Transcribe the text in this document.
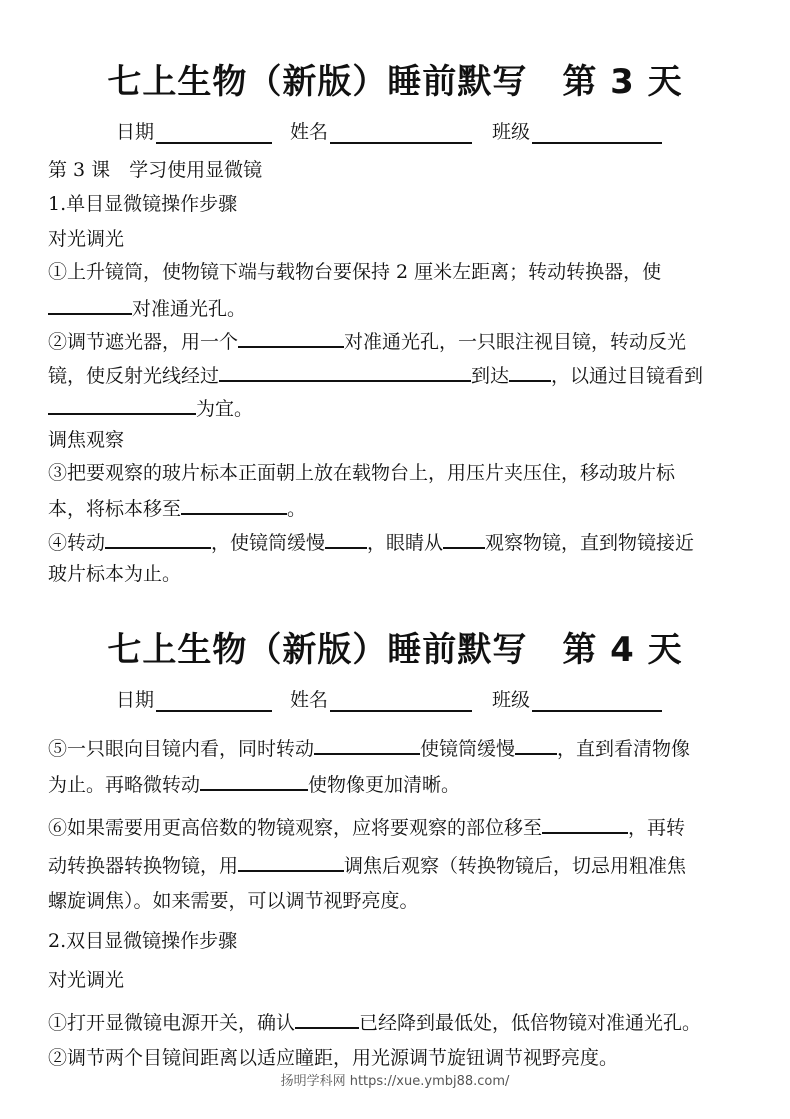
七上生物（新版）睡前默写　第 3 天
日期	姓名	班级
第 3 课　学习使用显微镜
1.单目显微镜操作步骤
对光调光
①上升镜筒，使物镜下端与载物台要保持 2 厘米左距离；转动转换器，使
对准通光孔。
②调节遮光器，用一个	对准通光孔，一只眼注视目镜，转动反光
镜，使反射光线经过	到达 ，以通过目镜看到
为宜。
调焦观察
③把要观察的玻片标本正面朝上放在载物台上，用压片夹压住，移动玻片标
本，将标本移至	。
④转动	，使镜筒缓慢 ，眼睛从 观察物镜，直到物镜接近
玻片标本为止。
七上生物（新版）睡前默写　第 4 天
日期	姓名	班级
⑤一只眼向目镜内看，同时转动	使镜筒缓慢 ，直到看清物像
为止。再略微转动	使物像更加清晰。
⑥如果需要用更高倍数的物镜观察，应将要观察的部位移至	，再转
动转换器转换物镜，用	调焦后观察（转换物镜后，切忌用粗准焦
螺旋调焦）。如来需要，可以调节视野亮度。
2.双目显微镜操作步骤
对光调光
①打开显微镜电源开关，确认	已经降到最低处，低倍物镜对准通光孔。
②调节两个目镜间距离以适应瞳距，用光源调节旋钮调节视野亮度。
扬明学科网 https://xue.ymbj88.com/
